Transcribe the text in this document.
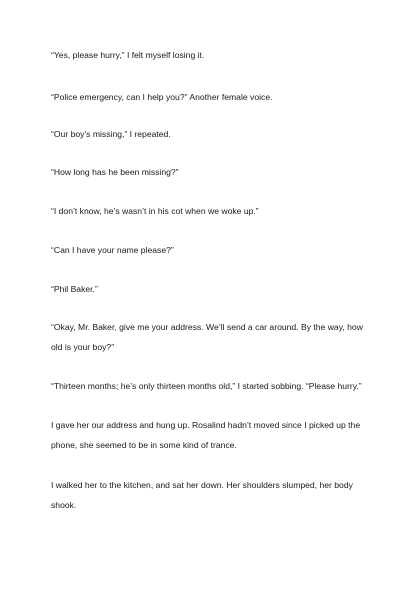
“Yes, please hurry,” I felt myself losing it.

“Police emergency, can I help you?” Another female voice.

“Our boy’s missing,” I repeated.

“How long has he been missing?”

“I don’t know, he’s wasn’t in his cot when we woke up.”

“Can I have your name please?”

“Phil Baker.”

“Okay, Mr. Baker, give me your address. We’ll send a car around. By the way, how old is your boy?”

“Thirteen months; he’s only thirteen months old,” I started sobbing. “Please hurry.”

I gave her our address and hung up. Rosalind hadn’t moved since I picked up the phone, she seemed to be in some kind of trance.

I walked her to the kitchen, and sat her down. Her shoulders slumped, her body shook.
